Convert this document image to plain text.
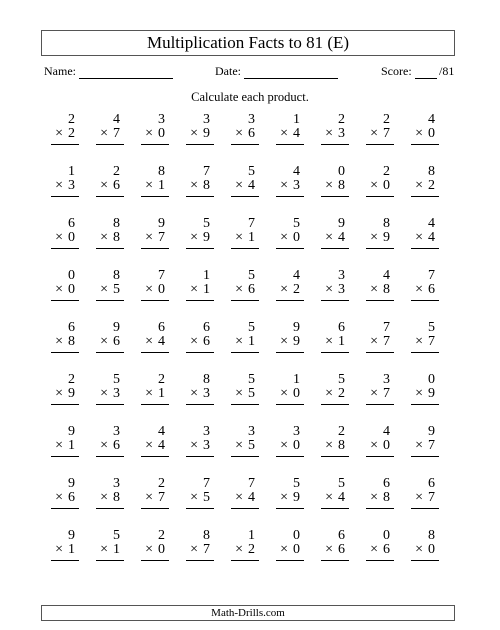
Multiplication Facts to 81 (E)
Name:	Date:	Score: /81
Calculate each product.
2
× 2
4
× 7
3
× 0
3
× 9
3
× 6
1
× 4
2
× 3
2
× 7
4
× 0
1
× 3
2
× 6
8
× 1
7
× 8
5
× 4
4
× 3
0
× 8
2
× 0
8
× 2
6
× 0
8
× 8
9
× 7
5
× 9
7
× 1
5
× 0
9
× 4
8
× 9
4
× 4
0
× 0
8
× 5
7
× 0
1
× 1
5
× 6
4
× 2
3
× 3
4
× 8
7
× 6
6
× 8
9
× 6
6
× 4
6
× 6
5
× 1
9
× 9
6
× 1
7
× 7
5
× 7
2
× 9
5
× 3
2
× 1
8
× 3
5
× 5
1
× 0
5
× 2
3
× 7
0
× 9
9
× 1
3
× 6
4
× 4
3
× 3
3
× 5
3
× 0
2
× 8
4
× 0
9
× 7
9
× 6
3
× 8
2
× 7
7
× 5
7
× 4
5
× 9
5
× 4
6
× 8
6
× 7
9
× 1
5
× 1
2
× 0
8
× 7
1
× 2
0
× 0
6
× 6
0
× 6
8
× 0
Math-Drills.com
